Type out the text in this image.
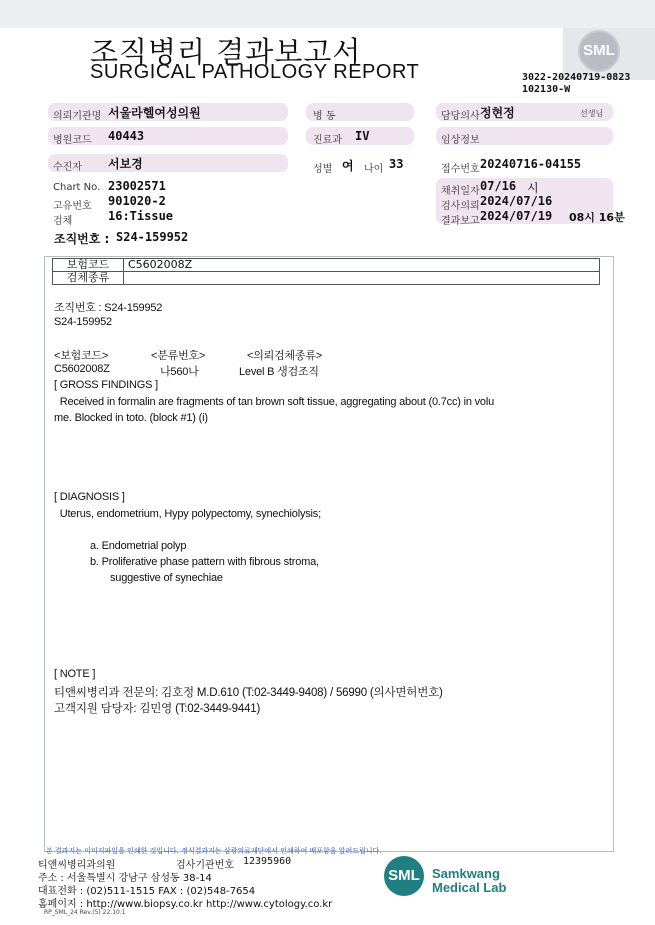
조직병리 결과보고서
SURGICAL PATHOLOGY REPORT
SML
3022-20240719-0823
102130-W
의뢰기관명 서울라헬여성의원	병 동	담당의사 정현정	선생님
병원코드 40443	진료과 IV	임상정보
수진자 서보경	성별 여 나이 33	접수번호 20240716-04155
Chart No. 23002571
고유번호 901020-2
검체	16:Tissue
채취일자 07/16 시
검사의뢰 2024/07/16
결과보고 2024/07/19 08시 16분
조직번호 : S24-159952
보험코드	C5602008Z
검체종류	
조직번호 : S24-159952
S24-159952
<보험코드>	<분류번호>	<의뢰검체종류>
C5602008Z	나560나	Level B 생검조직
[ GROSS FINDINGS ]
Received in formalin are fragments of tan brown soft tissue, aggregating about (0.7cc) in volu
me. Blocked in toto. (block #1) (i)
[ DIAGNOSIS ]
Uterus, endometrium, Hypy polypectomy, synechiolysis;
a. Endometrial polyp
b. Proliferative phase pattern with fibrous stroma,
suggestive of synechiae
[ NOTE ]
티앤씨병리과 전문의: 김호정 M.D.610 (T:02-3449-9408) / 56990 (의사면허번호)
고객지원 담당자: 김민영 (T:02-3449-9441)
본 결과지는 이미지파일을 인쇄한 것입니다. 정식결과지는 삼광의료재단에서 인쇄하여 배포함을 알려드립니다.
티앤씨병리과의원	검사기관번호 12395960
주소 : 서울특별시 강남구 삼성동 38-14
대표전화 : (02)511-1515 FAX : (02)548-7654
홈페이지 : http://www.biopsy.co.kr http://www.cytology.co.kr
RP_SML_24 Rev.(5) 22.10.1
SML Samkwang
Medical Lab
